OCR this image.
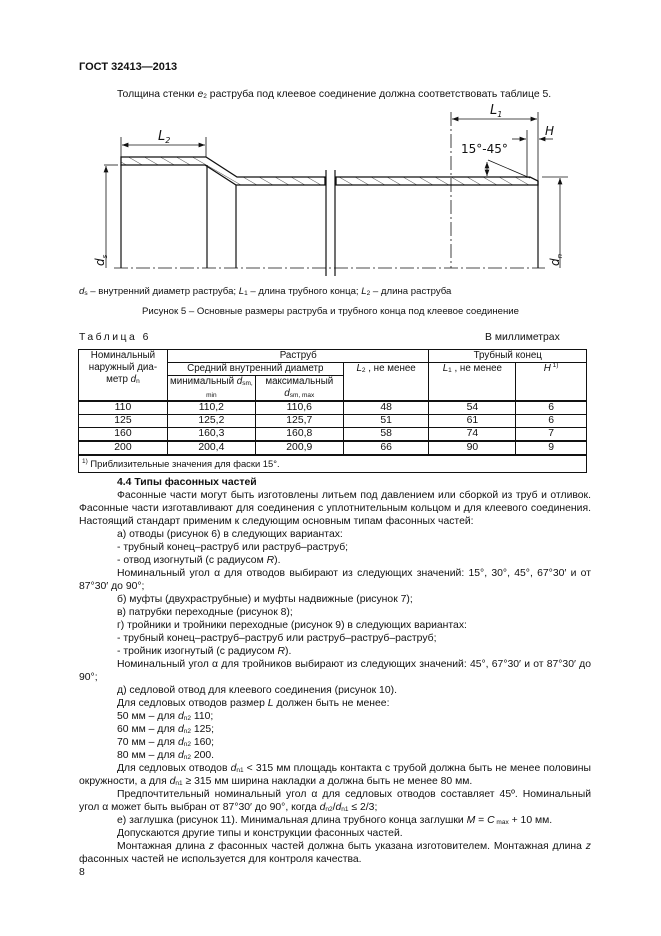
ГОСТ 32413—2013
Толщина стенки $e_2$ раструба под клеевое соединение должна соответствовать таблице 5.
$L_2$
$L_1$
H
15°-45°
$d_s$
$d_n$
$d_s$ – внутренний диаметр раструба; $L_1$ – длина трубного конца; $L_2$ – длина раструба
Рисунок 5 – Основные размеры раструба и трубного конца под клеевое соединение
Таблица 6	В миллиметрах
Номинальный наружный диа-метр $d_n$	Раструб			Трубный конец	
	Средний внутренний диаметр		$L_2$ , не менее	$L_1$ , не менее	H $^{1)}$
	минимальный $d_{sm, min}$	максимальный $d_{sm, max}$
110	110,2	110,6	48	54	6
125	125,2	125,7	51	61	6
160	160,3	160,8	58	74	7
200	200,4	200,9	66	90	9
$^{1)}$ Приблизительные значения для фаски 15°.					

4.4 Типы фасонных частей

Фасонные части могут быть изготовлены литьем под давлением или сборкой из труб и отливок. Фасонные части изготавливают для соединения с уплотнительным кольцом и для клеевого соединения. Настоящий стандарт применим к следующим основным типам фасонных частей:

а) отводы (рисунок 6) в следующих вариантах:

- трубный конец–раструб или раструб–раструб;

- отвод изогнутый (с радиусом R).

Номинальный угол α для отводов выбирают из следующих значений: 15°, 30°, 45°, 67°30′ и от 87°30′ до 90°;

б) муфты (двухраструбные) и муфты надвижные (рисунок 7);

в) патрубки переходные (рисунок 8);

г) тройники и тройники переходные (рисунок 9) в следующих вариантах:

- трубный конец–раструб–раструб или раструб–раструб–раструб;

- тройник изогнутый (с радиусом R).

Номинальный угол α для тройников выбирают из следующих значений: 45°, 67°30′ и от 87°30′ до 90°;

д) седловой отвод для клеевого соединения (рисунок 10).

Для седловых отводов размер L должен быть не менее:

50 мм – для $d_{n2}$ 110;

60 мм – для $d_{n2}$ 125;

70 мм – для $d_{n2}$ 160;

80 мм – для $d_{n2}$ 200.

Для седловых отводов $d_{n1} < 315$ мм площадь контакта с трубой должна быть не менее половины окружности, а для $d_{n1} \ge 315$ мм ширина накладки a должна быть не менее 80 мм.

Предпочтительный номинальный угол α для седловых отводов составляет 45º. Номинальный угол α может быть выбран от 87°30′ до 90°, когда $d_{n2}/d_{n1} \le 2/3$;

е) заглушка (рисунок 11). Минимальная длина трубного конца заглушки M = C $_{max}$ + 10 мм.

Допускаются другие типы и конструкции фасонных частей.

Монтажная длина z фасонных частей должна быть указана изготовителем. Монтажная длина z фасонных частей не используется для контроля качества.

8
